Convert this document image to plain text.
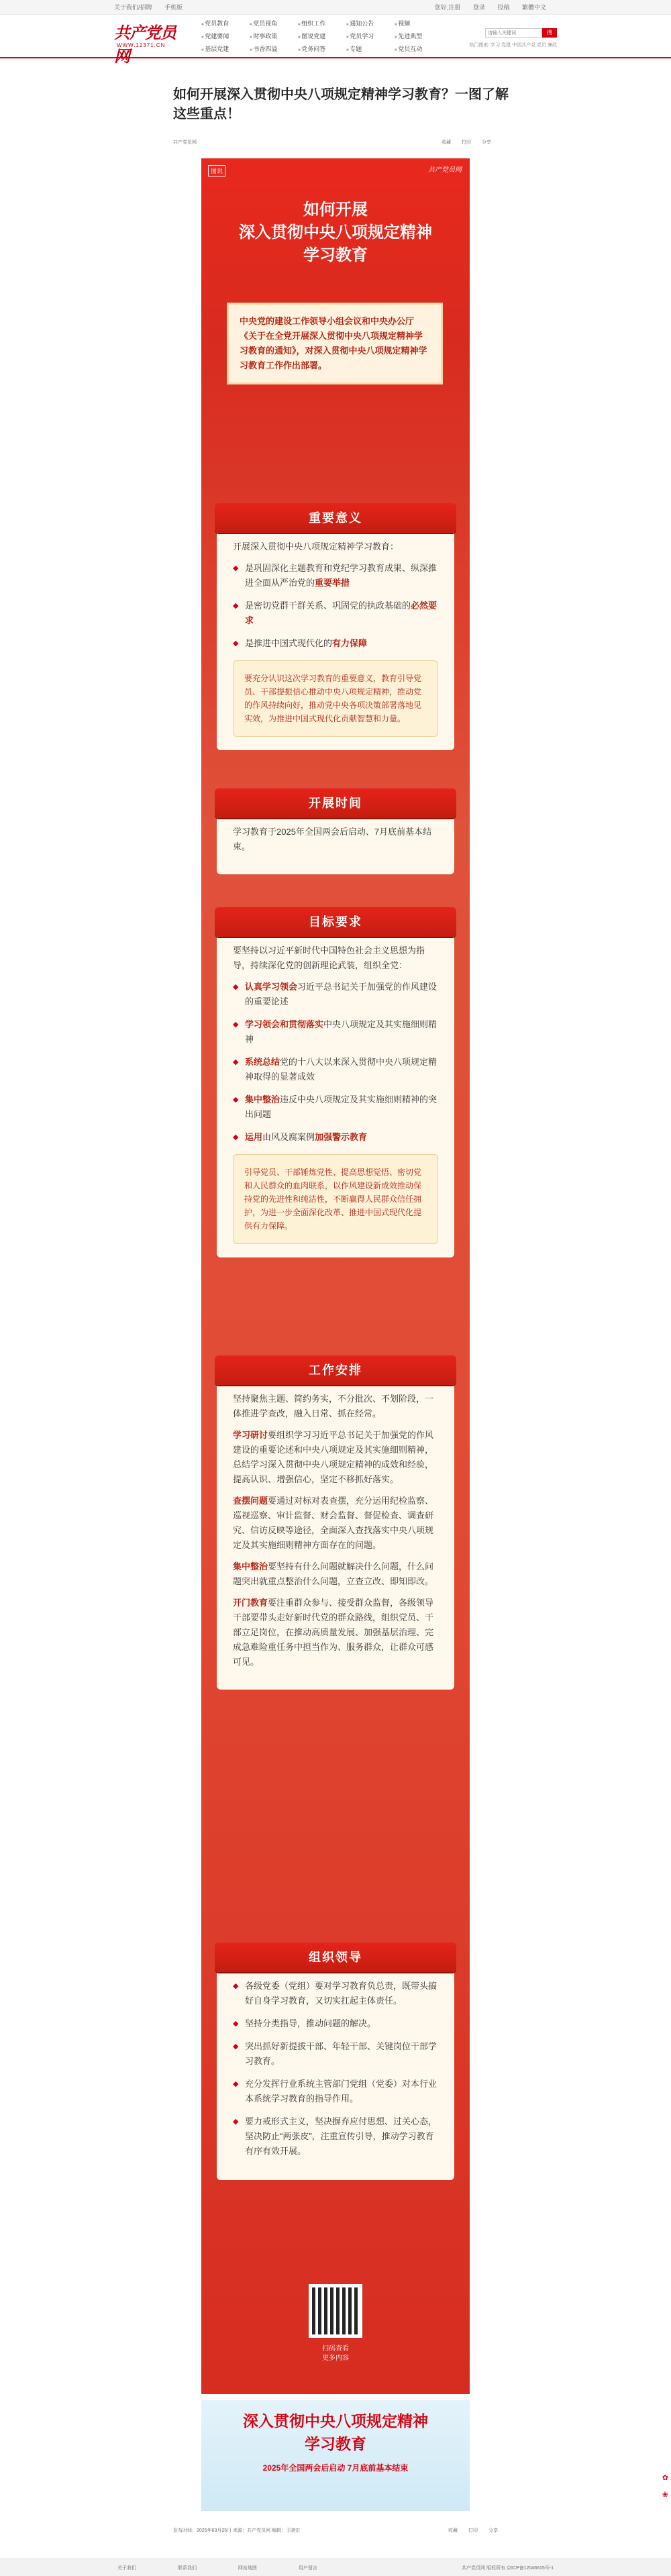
关于我们/招聘 手机版	您好,注册 登录 投稿 繁體中文
共产党员网
WWW.12371.CN
■ 党员教育	■ 党员视角	■ 组织工作	■ 通知公告	■ 视频
■ 党建要闻	■ 时事政策	■ 图说党建	■ 党员学习	■ 先进典型
■ 基层党建	■ 书香四溢	■ 党务问答	■ 专题	■ 党员互动
请输入关键词
搜
热门搜索: 学习 党建 中国共产党 党员 廉政
如何开展深入贯彻中央八项规定精神学习教育？一图了解这些重点！
共产党员网	收藏 打印 分享
图说	共产党员网
如何开展
深入贯彻中央八项规定精神
学习教育
中央党的建设工作领导小组会议和中央办公厅《关于在全党开展深入贯彻中央八项规定精神学习教育的通知》，对深入贯彻中央八项规定精神学习教育工作作出部署。
重要意义

开展深入贯彻中央八项规定精神学习教育：

◆ 是巩固深化主题教育和党纪学习教育成果、纵深推进全面从严治党的重要举措
◆ 是密切党群干群关系、巩固党的执政基础的必然要求
◆ 是推进中国式现代化的有力保障
要充分认识这次学习教育的重要意义，教育引导党员、干部提振信心推动中央八项规定精神，推动党的作风持续向好，推动党中央各项决策部署落地见实效，为推进中国式现代化贡献智慧和力量。
开展时间

学习教育于2025年全国两会后启动、7月底前基本结束。

目标要求

要坚持以习近平新时代中国特色社会主义思想为指导，持续深化党的创新理论武装，组织全党：

◆ 认真学习领会习近平总书记关于加强党的作风建设的重要论述
◆ 学习领会和贯彻落实中央八项规定及其实施细则精神
◆ 系统总结党的十八大以来深入贯彻中央八项规定精神取得的显著成效
◆ 集中整治违反中央八项规定及其实施细则精神的突出问题
◆ 运用由风及腐案例加强警示教育
引导党员、干部锤炼党性、提高思想觉悟、密切党和人民群众的血肉联系，以作风建设新成效推动保持党的先进性和纯洁性，不断赢得人民群众信任拥护，为进一步全面深化改革、推进中国式现代化提供有力保障。
工作安排

坚持聚焦主题、简约务实，不分批次、不划阶段，一体推进学查改，融入日常、抓在经常。

学习研讨要组织学习习近平总书记关于加强党的作风建设的重要论述和中央八项规定及其实施细则精神，总结学习深入贯彻中央八项规定精神的成效和经验，提高认识、增强信心，坚定不移抓好落实。

查摆问题要通过对标对表查摆，充分运用纪检监察、巡视巡察、审计监督、财会监督、督促检查、调查研究、信访反映等途径，全面深入查找落实中央八项规定及其实施细则精神方面存在的问题。

集中整治要坚持有什么问题就解决什么问题，什么问题突出就重点整治什么问题，立查立改、即知即改。

开门教育要注重群众参与、接受群众监督，各级领导干部要带头走好新时代党的群众路线，组织党员、干部立足岗位，在推动高质量发展、加强基层治理、完成急难险重任务中担当作为、服务群众，让群众可感可见。

组织领导
◆ 各级党委（党组）要对学习教育负总责，既带头搞好自身学习教育，又切实扛起主体责任。
◆ 坚持分类指导，推动问题的解决。
◆ 突出抓好新提拔干部、年轻干部、关键岗位干部学习教育。
◆ 充分发挥行业系统主管部门党组（党委）对本行业本系统学习教育的指导作用。
◆ 要力戒形式主义，坚决摒弃应付思想、过关心态，坚决防止“两张皮”，注重宣传引导，推动学习教育有序有效开展。
扫码查看
更多内容
深入贯彻中央八项规定精神
学习教育
2025年全国两会后启动 7月底前基本结束
发布时间：2025年03月25日 来源：共产党员网 编辑：王晓宏	收藏 打印 分享
✿
❀
关于我们	联系我们	网站地图	用户留言	共产党员网 版权所有 京ICP备12046615号-1
